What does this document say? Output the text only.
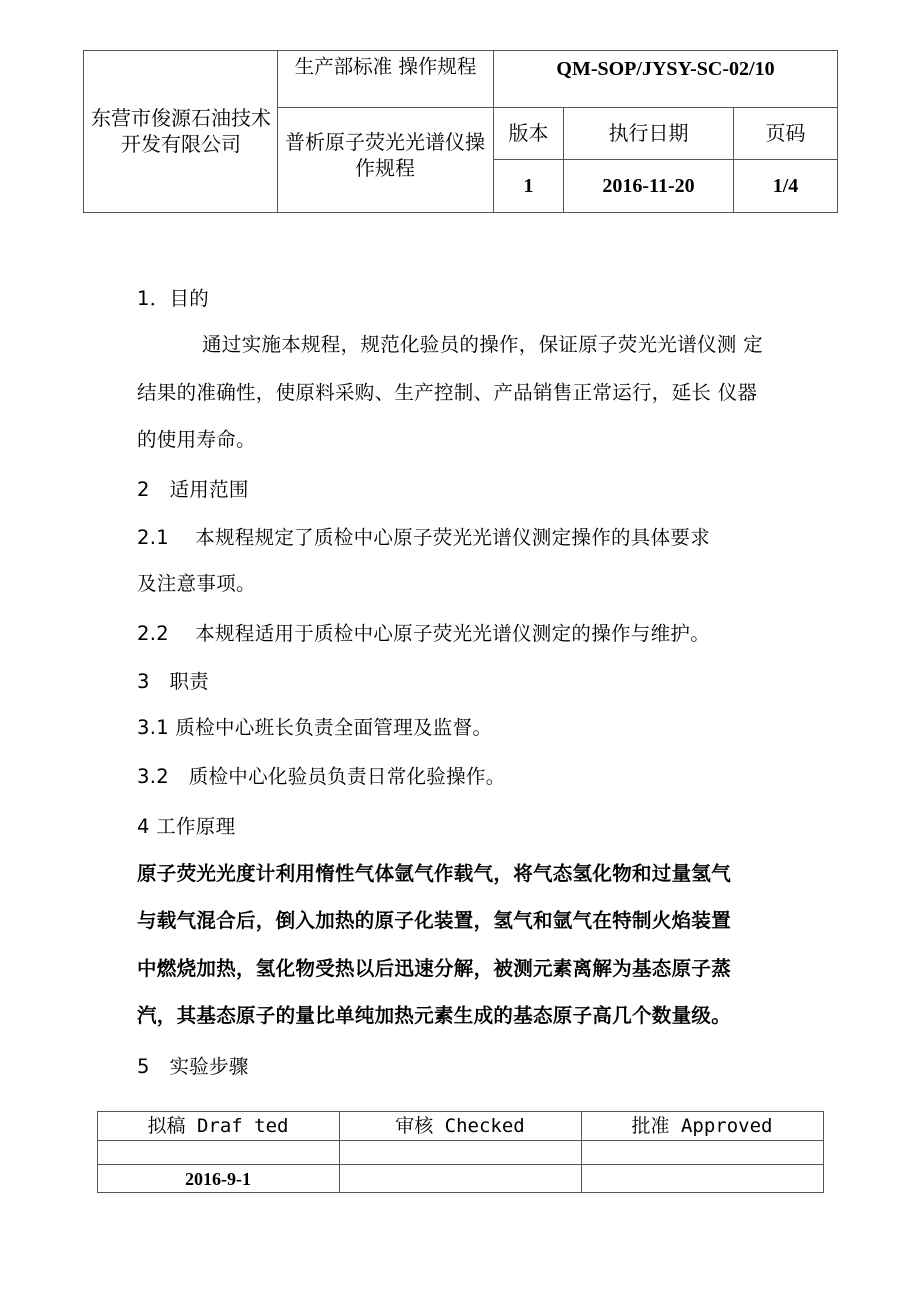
东营市俊源石油技术开发有限公司
生产部标准 操作规程	QM-SOP/JYSY-SC-02/10
普析原子荧光光谱仪操作规程
版本	执行日期	页码
1	2016-11-20	1/4
1．目的
通过实施本规程，规范化验员的操作，保证原子荧光光谱仪测 定
结果的准确性，使原料采购、生产控制、产品销售正常运行，延长 仪器
的使用寿命。
2　适用范围
2.1　 本规程规定了质检中心原子荧光光谱仪测定操作的具体要求
及注意事项。
2.2　 本规程适用于质检中心原子荧光光谱仪测定的操作与维护。
3　职责
3.1 质检中心班长负责全面管理及监督。
3.2　质检中心化验员负责日常化验操作。
4 工作原理
原子荧光光度计利用惰性气体氩气作载气，将气态氢化物和过量氢气
与载气混合后，倒入加热的原子化装置，氢气和氩气在特制火焰装置
中燃烧加热，氢化物受热以后迅速分解，被测元素离解为基态原子蒸
汽，其基态原子的量比单纯加热元素生成的基态原子高几个数量级。
5　实验步骤
拟稿 Draf ted	审核 Checked	批准 Approved
2016-9-1
